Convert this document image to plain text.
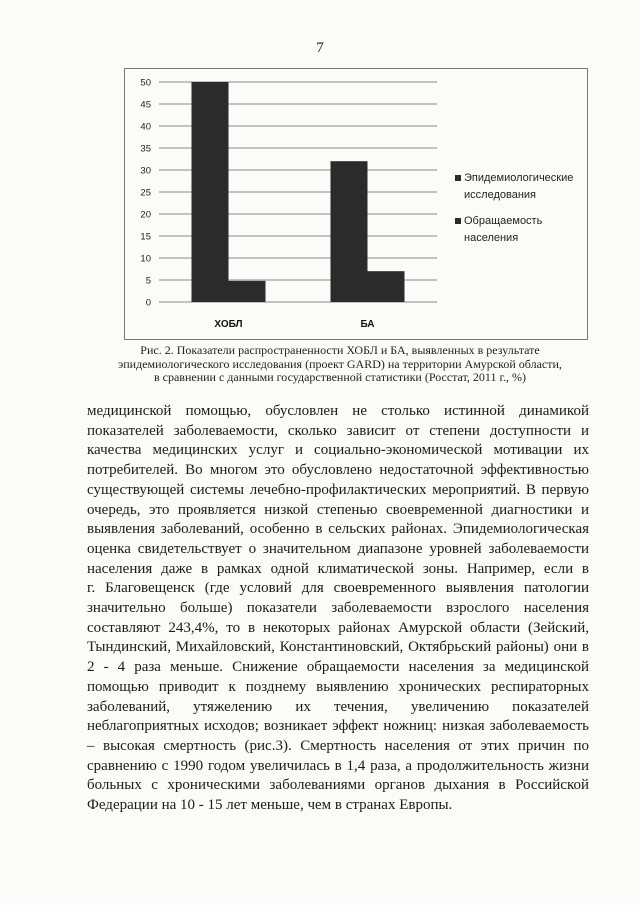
7
0
5
10
15
20
25
30
35
40
45
50
ХОБЛ	БА
Эпидемиологические
исследования
Обращаемость
населения
Рис. 2. Показатели распространенности ХОБЛ и БА, выявленных в результате
эпидемиологического исследования (проект GARD) на территории Амурской области,
в сравнении с данными государственной статистики (Росстат, 2011 г., %)
медицинской помощью, обусловлен не столько истинной динамикой
показателей заболеваемости, сколько зависит от степени доступности и
качества медицинских услуг и социально-экономической мотивации их
потребителей. Во многом это обусловлено недостаточной эффективностью
существующей системы лечебно-профилактических мероприятий. В первую
очередь, это проявляется низкой степенью своевременной диагностики и
выявления заболеваний, особенно в сельских районах. Эпидемиологическая
оценка свидетельствует о значительном диапазоне уровней заболеваемости
населения даже в рамках одной климатической зоны. Например, если в
г. Благовещенск (где условий для своевременного выявления патологии
значительно больше) показатели заболеваемости взрослого населения
составляют 243,4%, то в некоторых районах Амурской области (Зейский,
Тындинский, Михайловский, Константиновский, Октябрьский районы) они в
2 - 4 раза меньше. Снижение обращаемости населения за медицинской
помощью приводит к позднему выявлению хронических респираторных
заболеваний, утяжелению их течения, увеличению показателей
неблагоприятных исходов; возникает эффект ножниц: низкая заболеваемость
– высокая смертность (рис.3). Смертность населения от этих причин по
сравнению с 1990 годом увеличилась в 1,4 раза, а продолжительность жизни
больных с хроническими заболеваниями органов дыхания в Российской
Федерации на 10 - 15 лет меньше, чем в странах Европы.
